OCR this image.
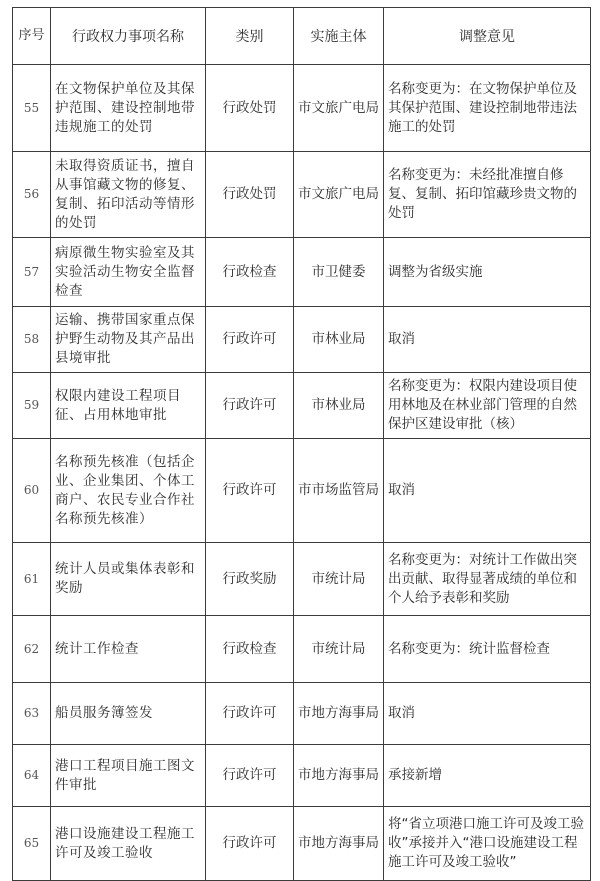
序号	行政权力事项名称	类别	实施主体	调整意见
55	在文物保护单位及其保护范围、建设控制地带违规施工的处罚	行政处罚	市文旅广电局	名称变更为：在文物保护单位及其保护范围、建设控制地带违法施工的处罚
56	未取得资质证书，擅自从事馆藏文物的修复、复制、拓印活动等情形的处罚	行政处罚	市文旅广电局	名称变更为：未经批准擅自修复、复制、拓印馆藏珍贵文物的处罚
57	病原微生物实验室及其实验活动生物安全监督检查	行政检查	市卫健委	调整为省级实施
58	运输、携带国家重点保护野生动物及其产品出县境审批	行政许可	市林业局	取消
59	权限内建设工程项目征、占用林地审批	行政许可	市林业局	名称变更为：权限内建设项目使用林地及在林业部门管理的自然保护区建设审批（核）
60	名称预先核准（包括企业、企业集团、个体工商户、农民专业合作社名称预先核准）	行政许可	市市场监管局	取消
61	统计人员或集体表彰和奖励	行政奖励	市统计局	名称变更为：对统计工作做出突出贡献、取得显著成绩的单位和个人给予表彰和奖励
62	统计工作检查	行政检查	市统计局	名称变更为：统计监督检查
63	船员服务簿签发	行政许可	市地方海事局	取消
64	港口工程项目施工图文件审批	行政许可	市地方海事局	承接新增
65	港口设施建设工程施工许可及竣工验收	行政许可	市地方海事局	将“省立项港口施工许可及竣工验收”承接并入“港口设施建设工程施工许可及竣工验收”
